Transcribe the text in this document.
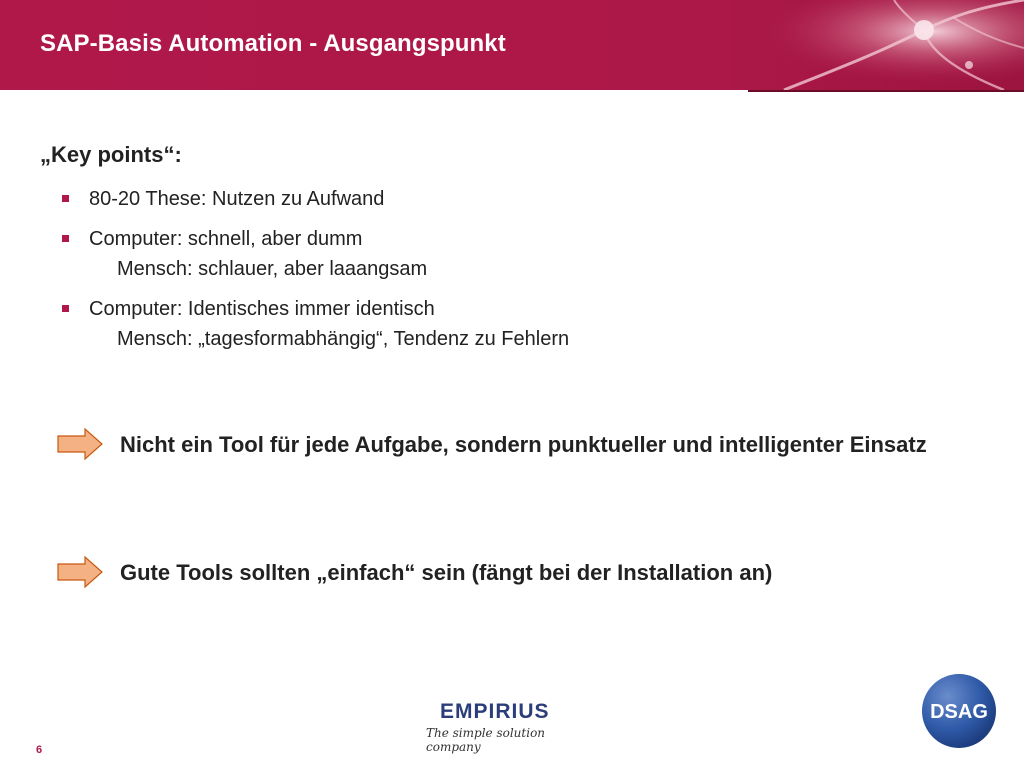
SAP-Basis Automation - Ausgangspunkt
„Key points“:
80-20 These: Nutzen zu Aufwand
Computer: schnell, aber dumm
Mensch: schlauer, aber laaangsam
Computer: Identisches immer identisch
Mensch: „tagesformabhängig“, Tendenz zu Fehlern
Nicht ein Tool für jede Aufgabe, sondern punktueller und intelligenter Einsatz
Gute Tools sollten „einfach“ sein (fängt bei der Installation an)
EMPIRIUS
The simple solution company
DSAG
6
